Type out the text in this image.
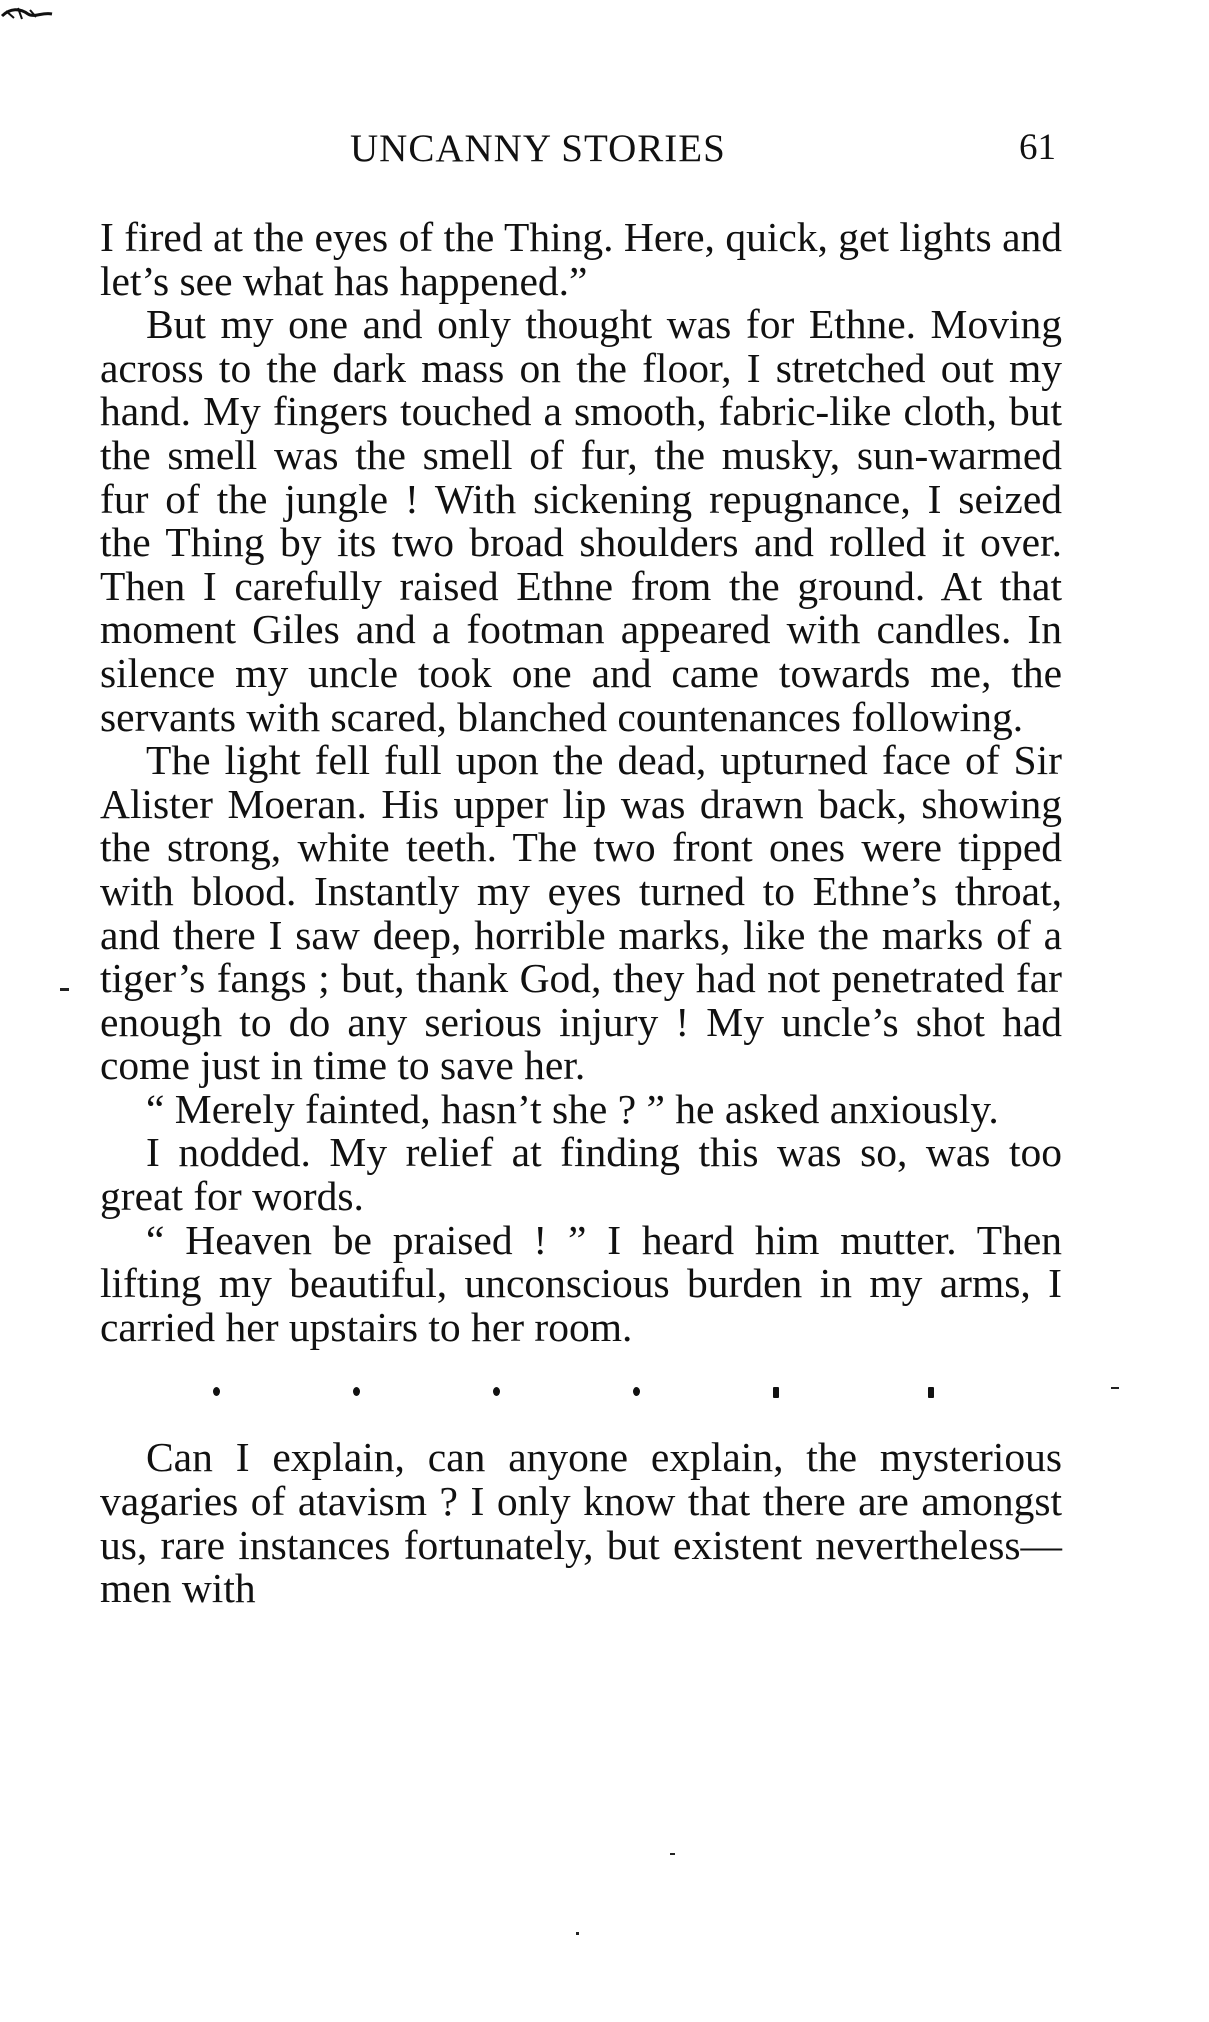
UNCANNY STORIES	61

I fired at the eyes of the Thing. Here, quick, get lights and let’s see what has happened.”

But my one and only thought was for Ethne. Moving across to the dark mass on the floor, I stretched out my hand. My fingers touched a smooth, fabric-like cloth, but the smell was the smell of fur, the musky, sun-warmed fur of the jungle ! With sickening repugnance, I seized the Thing by its two broad shoulders and rolled it over. Then I carefully raised Ethne from the ground. At that moment Giles and a footman appeared with candles. In silence my uncle took one and came towards me, the servants with scared, blanched countenances following.

The light fell full upon the dead, upturned face of Sir Alister Moeran. His upper lip was drawn back, showing the strong, white teeth. The two front ones were tipped with blood. Instantly my eyes turned to Ethne’s throat, and there I saw deep, horrible marks, like the marks of a tiger’s fangs ; but, thank God, they had not penetrated far enough to do any serious injury ! My uncle’s shot had come just in time to save her.

“ Merely fainted, hasn’t she ? ” he asked anxiously.

I nodded. My relief at finding this was so, was too great for words.

“ Heaven be praised ! ” I heard him mutter. Then lifting my beautiful, unconscious burden in my arms, I carried her upstairs to her room.

Can I explain, can anyone explain, the mysterious vagaries of atavism ? I only know that there are amongst us, rare instances fortunately, but existent nevertheless—men with
